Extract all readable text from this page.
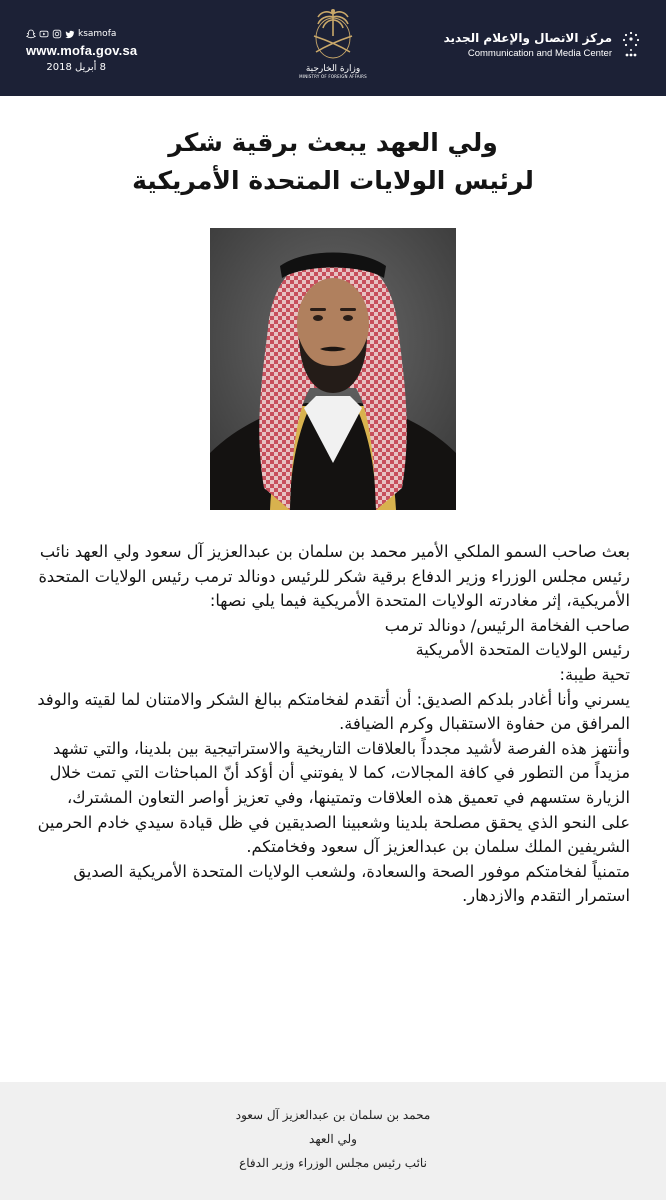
ksamofa
www.mofa.gov.sa
8 أبريل 2018	وزارة الخارجية
MINISTRY OF FOREIGN AFFAIRS
مركز الاتصال والإعلام الجديد
Communication and Media Center
ولي العهد يبعث برقية شكر
لرئيس الولايات المتحدة الأمريكية

بعث صاحب السمو الملكي الأمير محمد بن سلمان بن عبدالعزيز آل سعود ولي العهد نائب رئيس مجلس الوزراء وزير الدفاع برقية شكر للرئيس دونالد ترمب رئيس الولايات المتحدة الأمريكية، إثر مغادرته الولايات المتحدة الأمريكية فيما يلي نصها:

صاحب الفخامة الرئيس/ دونالد ترمب

رئيس الولايات المتحدة الأمريكية

تحية طيبة:

يسرني وأنا أغادر بلدكم الصديق: أن أتقدم لفخامتكم ببالغ الشكر والامتنان لما لقيته والوفد المرافق من حفاوة الاستقبال وكرم الضيافة.

وأنتهز هذه الفرصة لأشيد مجدداً بالعلاقات التاريخية والاستراتيجية بين بلدينا، والتي تشهد مزيداً من التطور في كافة المجالات، كما لا يفوتني أن أؤكد أنّ المباحثات التي تمت خلال الزيارة ستسهم في تعميق هذه العلاقات وتمتينها، وفي تعزيز أواصر التعاون المشترك، على النحو الذي يحقق مصلحة بلدينا وشعبينا الصديقين في ظل قيادة سيدي خادم الحرمين الشريفين الملك سلمان بن عبدالعزيز آل سعود وفخامتكم.

متمنياً لفخامتكم موفور الصحة والسعادة، ولشعب الولايات المتحدة الأمريكية الصديق استمرار التقدم والازدهار.

محمد بن سلمان بن عبدالعزيز آل سعود
ولي العهد
نائب رئيس مجلس الوزراء وزير الدفاع
